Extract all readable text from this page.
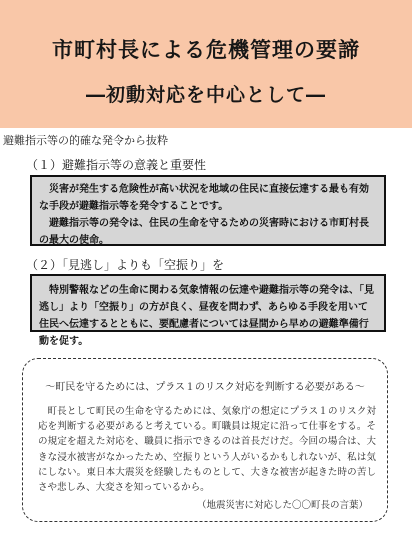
市町村長による危機管理の要諦
―初動対応を中心として―
避難指示等の的確な発令から抜粋
（１）避難指示等の意義と重要性

災害が発生する危険性が高い状況を地域の住民に直接伝達する最も有効な手段が避難指示等を発令することです。

避難指示等の発令は、住民の生命を守るための災害時における市町村長の最大の使命。

（２）「見逃し」よりも「空振り」を

特別警報などの生命に関わる気象情報の伝達や避難指示等の発令は、「見逃し」より「空振り」の方が良く、昼夜を問わず、あらゆる手段を用いて住民へ伝達するとともに、要配慮者については昼間から早めの避難準備行動を促す。

～町民を守るためには、プラス１のリスク対応を判断する必要がある～
町長として町民の生命を守るためには、気象庁の想定にプラス１のリスク対応を判断する必要があると考えている。町職員は規定に沿って仕事をする。その規定を超えた対応を、職員に指示できるのは首長だけだ。今回の場合は、大きな浸水被害がなかったため、空振りという人がいるかもしれないが、私は気にしない。東日本大震災を経験したものとして、大きな被害が起きた時の苦しさや悲しみ、大変さを知っているから。
（地震災害に対応した〇〇町長の言葉）
